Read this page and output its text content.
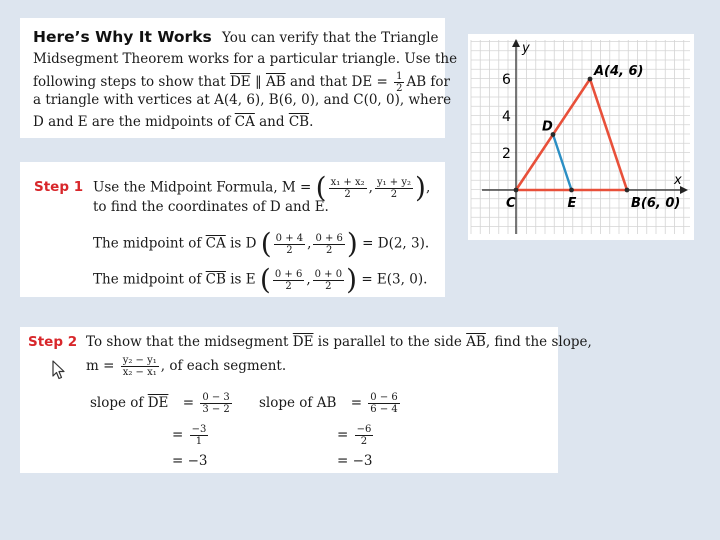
Here’s Why It Works You can verify that the Triangle
Midsegment Theorem works for a particular triangle. Use the
following steps to show that $\overline{DE}$ ∥ $\overline{AB}$ and that DE = $\frac{1}{2}$ AB for
a triangle with vertices at A(4, 6), B(6, 0), and C(0, 0), where
D and E are the midpoints of $\overline{CA}$ and $\overline{CB}$.
Step 1 Use the Midpoint Formula, M = ( $\frac{\text{x₁ + x₂}}{2}$ , $\frac{\text{y₁ + y₂}}{2}$ ),
to find the coordinates of D and E.
The midpoint of $\overline{CA}$ is D ( $\frac{0 + 4}{2}$ , $\frac{0 + 6}{2}$ ) = D(2, 3).
The midpoint of $\overline{CB}$ is E ( $\frac{0 + 6}{2}$ , $\frac{0 + 0}{2}$ ) = E(3, 0).
y
x
6
4
2
A(4, 6)
B(6, 0)
C
D
E
Step 2 To show that the midsegment $\overline{DE}$ is parallel to the side $\overline{AB}$, find the slope,
$m = \frac{\text{y₂ − y₁}}{\text{x₂ − x₁}}$ , of each segment.
slope of $\overline{DE} = \frac{0 - 3}{3 - 2}$
= $\frac{-3}{1}$
= −3
slope of AB = $\frac{0 - 6}{6 - 4}$
= $\frac{-6}{2}$
= −3
